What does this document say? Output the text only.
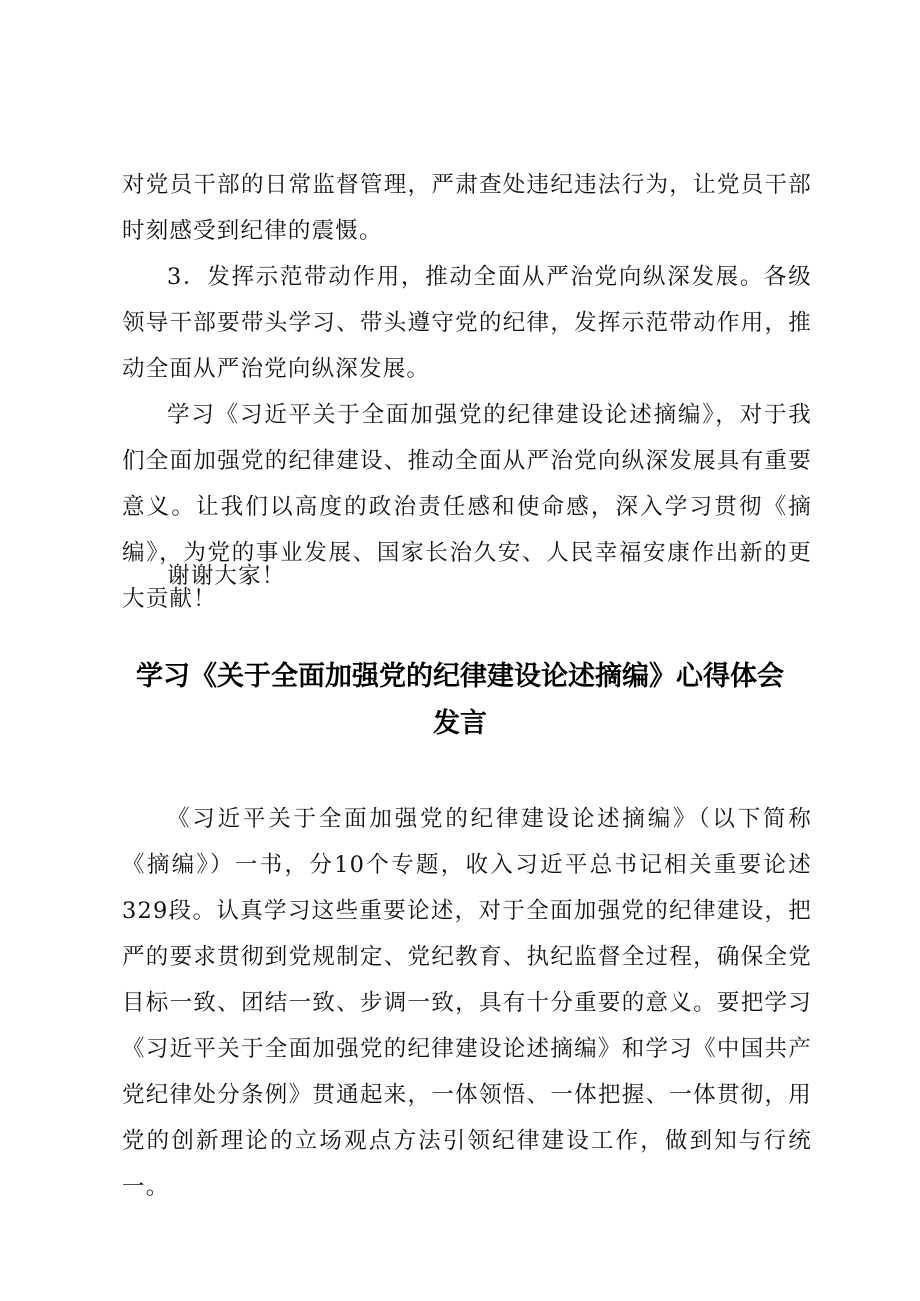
对党员干部的日常监督管理，严肃查处违纪违法行为，让党员干部时刻感受到纪律的震慑。

3．发挥示范带动作用，推动全面从严治党向纵深发展。各级领导干部要带头学习、带头遵守党的纪律，发挥示范带动作用，推动全面从严治党向纵深发展。

学习《习近平关于全面加强党的纪律建设论述摘编》，对于我们全面加强党的纪律建设、推动全面从严治党向纵深发展具有重要意义。让我们以高度的政治责任感和使命感，深入学习贯彻《摘编》，为党的事业发展、国家长治久安、人民幸福安康作出新的更大贡献！

谢谢大家！

学习《关于全面加强党的纪律建设论述摘编》心得体会
发言

《习近平关于全面加强党的纪律建设论述摘编》（以下简称《摘编》）一书，分10个专题，收入习近平总书记相关重要论述329段。认真学习这些重要论述，对于全面加强党的纪律建设，把严的要求贯彻到党规制定、党纪教育、执纪监督全过程，确保全党目标一致、团结一致、步调一致，具有十分重要的意义。要把学习《习近平关于全面加强党的纪律建设论述摘编》和学习《中国共产党纪律处分条例》贯通起来，一体领悟、一体把握、一体贯彻，用党的创新理论的立场观点方法引领纪律建设工作，做到知与行统一。
